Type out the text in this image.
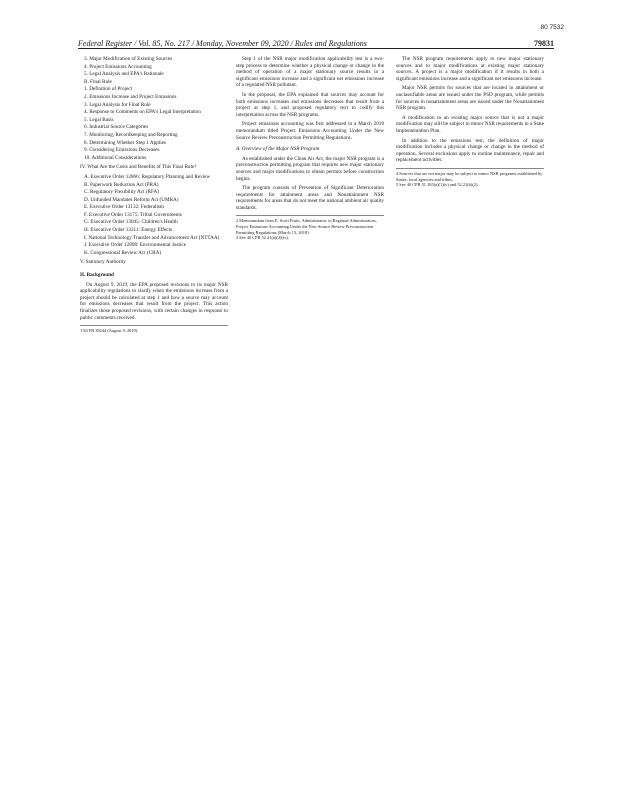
80 7532
Federal Register / Vol. 85, No. 217 / Monday, November 09, 2020 / Rules and Regulations	79831
3. Major Modification of Existing Sources
4. Project Emissions Accounting
5. Legal Analysis and EPA's Rationale
B. Final Rule
1. Definition of Project
2. Emissions Increase and Project Emissions
3. Legal Analysis for Final Rule
4. Response to Comments on EPA's Legal Interpretation
5. Legal Basis
6. Industrial Source Categories
7. Monitoring, Recordkeeping and Reporting
8. Determining Whether Step 1 Applies
9. Considering Emissions Decreases
10. Additional Considerations

IV. What Are the Costs and Benefits of This Final Rule?

A. Executive Order 12866: Regulatory Planning and Review
B. Paperwork Reduction Act (PRA)
C. Regulatory Flexibility Act (RFA)
D. Unfunded Mandates Reform Act (UMRA)
E. Executive Order 13132: Federalism
F. Executive Order 13175: Tribal Governments
G. Executive Order 13045: Children's Health
H. Executive Order 13211: Energy Effects
I. National Technology Transfer and Advancement Act (NTTAA)
J. Executive Order 12898: Environmental Justice
K. Congressional Review Act (CRA)

V. Statutory Authority

II. Background

On August 9, 2019, the EPA proposed revisions to its major NSR applicability regulations to clarify when the emissions increase from a project should be calculated at step 1 and how a source may account for emissions decreases that result from the project. This action finalizes those proposed revisions, with certain changes in response to public comments received.

1 84 FR 39244 (August 9, 2019).

Step 1 of the NSR major modification applicability test is a two-step process to determine whether a physical change or change in the method of operation of a major stationary source results in a significant emissions increase and a significant net emissions increase of a regulated NSR pollutant.

In the proposal, the EPA explained that sources may account for both emissions increases and emissions decreases that result from a project at step 1, and proposed regulatory text to codify this interpretation across the NSR programs.

Project emissions accounting was first addressed in a March 2018 memorandum titled Project Emissions Accounting Under the New Source Review Preconstruction Permitting Regulations.

A. Overview of the Major NSR Program

As established under the Clean Air Act, the major NSR program is a preconstruction permitting program that requires new major stationary sources and major modifications to obtain permits before construction begins.

The program consists of Prevention of Significant Deterioration requirements for attainment areas and Nonattainment NSR requirements for areas that do not meet the national ambient air quality standards.

2 Memorandum from E. Scott Pruitt, Administrator, to Regional Administrators, Project Emissions Accounting Under the New Source Review Preconstruction Permitting Regulations (March 13, 2018).
3 See 40 CFR 52.21(a)(2)(iv).

The NSR program requirements apply to new major stationary sources and to major modifications at existing major stationary sources. A project is a major modification if it results in both a significant emissions increase and a significant net emissions increase.

Major NSR permits for sources that are located in attainment or unclassifiable areas are issued under the PSD program, while permits for sources in nonattainment areas are issued under the Nonattainment NSR program.

A modification to an existing major source that is not a major modification may still be subject to minor NSR requirements in a State Implementation Plan.

In addition to the emissions test, the definition of major modification includes a physical change or change in the method of operation. Several exclusions apply to routine maintenance, repair and replacement activities.

4 Sources that are not major may be subject to minor NSR programs established by States, local agencies and tribes.
5 See 40 CFR 51.165(a)(1)(v) and 52.21(b)(2).
